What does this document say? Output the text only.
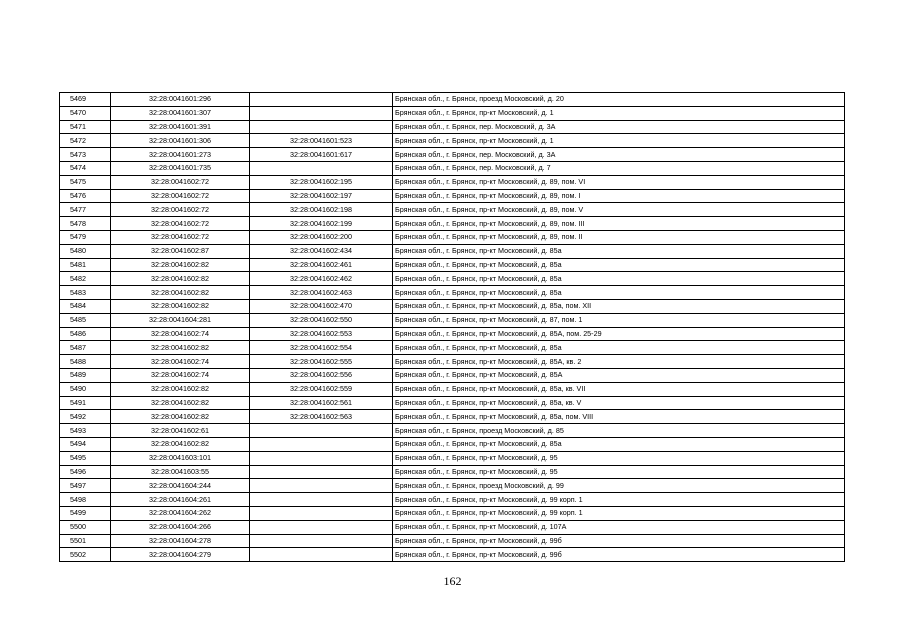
5469	32:28:0041601:296		Брянская обл., г. Брянск, проезд Московский, д. 20
5470	32:28:0041601:307		Брянская обл., г. Брянск, пр-кт Московский, д. 1
5471	32:28:0041601:391		Брянская обл., г. Брянск, пер. Московский, д. 3А
5472	32:28:0041601:306	32:28:0041601:523	Брянская обл., г. Брянск, пр-кт Московский, д. 1
5473	32:28:0041601:273	32:28:0041601:617	Брянская обл., г. Брянск, пер. Московский, д. 3А
5474	32:28:0041601:735		Брянская обл., г. Брянск, пер. Московский, д. 7
5475	32:28:0041602:72	32:28:0041602:195	Брянская обл., г. Брянск, пр-кт Московский, д. 89, пом. VI
5476	32:28:0041602:72	32:28:0041602:197	Брянская обл., г. Брянск, пр-кт Московский, д. 89, пом. I
5477	32:28:0041602:72	32:28:0041602:198	Брянская обл., г. Брянск, пр-кт Московский, д. 89, пом. V
5478	32:28:0041602:72	32:28:0041602:199	Брянская обл., г. Брянск, пр-кт Московский, д. 89, пом. III
5479	32:28:0041602:72	32:28:0041602:200	Брянская обл., г. Брянск, пр-кт Московский, д. 89, пом. II
5480	32:28:0041602:87	32:28:0041602:434	Брянская обл., г. Брянск, пр-кт Московский, д. 85а
5481	32:28:0041602:82	32:28:0041602:461	Брянская обл., г. Брянск, пр-кт Московский, д. 85а
5482	32:28:0041602:82	32:28:0041602:462	Брянская обл., г. Брянск, пр-кт Московский, д. 85а
5483	32:28:0041602:82	32:28:0041602:463	Брянская обл., г. Брянск, пр-кт Московский, д. 85а
5484	32:28:0041602:82	32:28:0041602:470	Брянская обл., г. Брянск, пр-кт Московский, д. 85а, пом. XII
5485	32:28:0041604:281	32:28:0041602:550	Брянская обл., г. Брянск, пр-кт Московский, д. 87, пом. 1
5486	32:28:0041602:74	32:28:0041602:553	Брянская обл., г. Брянск, пр-кт Московский, д. 85А, пом. 25-29
5487	32:28:0041602:82	32:28:0041602:554	Брянская обл., г. Брянск, пр-кт Московский, д. 85а
5488	32:28:0041602:74	32:28:0041602:555	Брянская обл., г. Брянск, пр-кт Московский, д. 85А, кв. 2
5489	32:28:0041602:74	32:28:0041602:556	Брянская обл., г. Брянск, пр-кт Московский, д. 85А
5490	32:28:0041602:82	32:28:0041602:559	Брянская обл., г. Брянск, пр-кт Московский, д. 85а, кв. VII
5491	32:28:0041602:82	32:28:0041602:561	Брянская обл., г. Брянск, пр-кт Московский, д. 85а, кв. V
5492	32:28:0041602:82	32:28:0041602:563	Брянская обл., г. Брянск, пр-кт Московский, д. 85а, пом. VIII
5493	32:28:0041602:61		Брянская обл., г. Брянск, проезд Московский, д. 85
5494	32:28:0041602:82		Брянская обл., г. Брянск, пр-кт Московский, д. 85а
5495	32:28:0041603:101		Брянская обл., г. Брянск, пр-кт Московский, д. 95
5496	32:28:0041603:55		Брянская обл., г. Брянск, пр-кт Московский, д. 95
5497	32:28:0041604:244		Брянская обл., г. Брянск, проезд Московский, д. 99
5498	32:28:0041604:261		Брянская обл., г. Брянск, пр-кт Московский, д. 99 корп. 1
5499	32:28:0041604:262		Брянская обл., г. Брянск, пр-кт Московский, д. 99 корп. 1
5500	32:28:0041604:266		Брянская обл., г. Брянск, пр-кт Московский, д. 107А
5501	32:28:0041604:278		Брянская обл., г. Брянск, пр-кт Московский, д. 99б
5502	32:28:0041604:279		Брянская обл., г. Брянск, пр-кт Московский, д. 99б
162
